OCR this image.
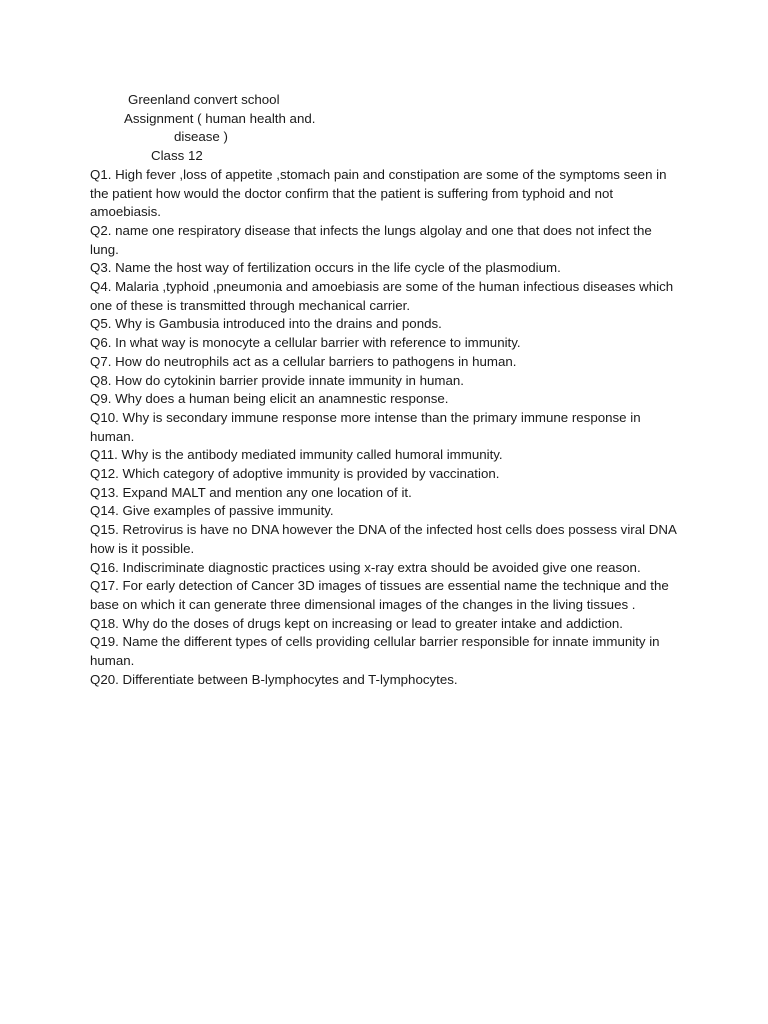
Greenland convert school
Assignment ( human health and.
disease )
Class 12

Q1. High fever ,loss of appetite ,stomach pain and constipation are some of the symptoms seen in the patient how would the doctor confirm that the patient is suffering from typhoid and not amoebiasis.

Q2. name one respiratory disease that infects the lungs algolay and one that does not infect the lung.

Q3. Name the host way of fertilization occurs in the life cycle of the plasmodium.

Q4. Malaria ,typhoid ,pneumonia and amoebiasis are some of the human infectious diseases which one of these is transmitted through mechanical carrier.

Q5. Why is Gambusia introduced into the drains and ponds.

Q6. In what way is monocyte a cellular barrier with reference to immunity.

Q7. How do neutrophils act as a cellular barriers to pathogens in human.

Q8. How do cytokinin barrier provide innate immunity in human.

Q9. Why does a human being elicit an anamnestic response.

Q10. Why is secondary immune response more intense than the primary immune response in human.

Q11. Why is the antibody mediated immunity called humoral immunity.

Q12. Which category of adoptive immunity is provided by vaccination.

Q13. Expand MALT and mention any one location of it.

Q14. Give examples of passive immunity.

Q15. Retrovirus is have no DNA however the DNA of the infected host cells does possess viral DNA how is it possible.

Q16. Indiscriminate diagnostic practices using x-ray extra should be avoided give one reason.

Q17. For early detection of Cancer 3D images of tissues are essential name the technique and the base on which it can generate three dimensional images of the changes in the living tissues .

Q18. Why do the doses of drugs kept on increasing or lead to greater intake and addiction.

Q19. Name the different types of cells providing cellular barrier responsible for innate immunity in human.

Q20. Differentiate between B-lymphocytes and T-lymphocytes.
